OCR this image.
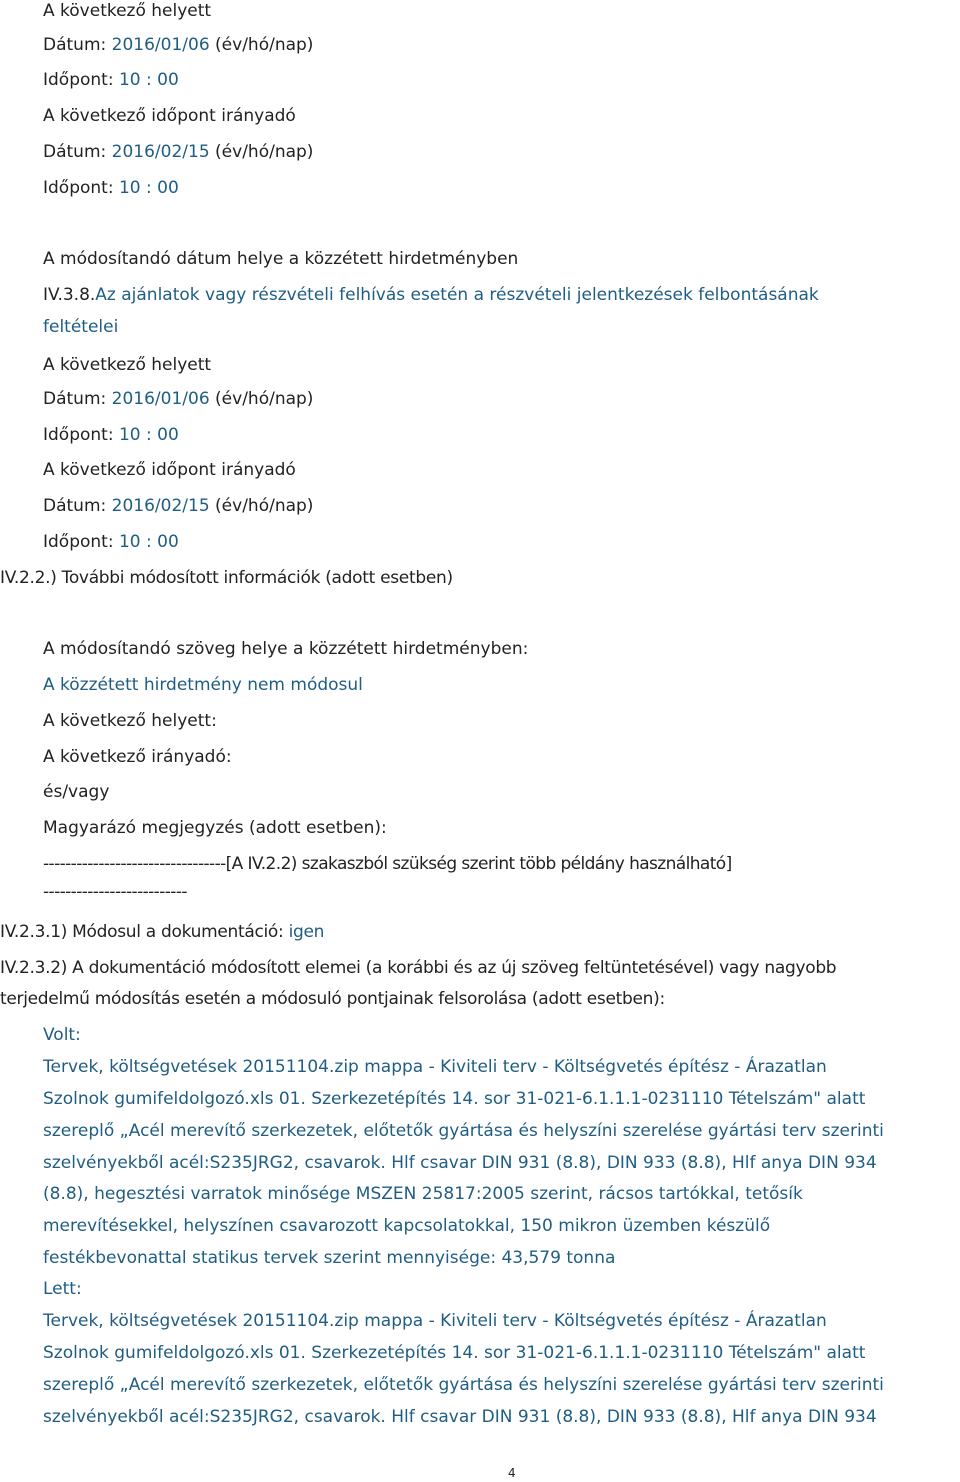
A következő helyett
Dátum: 2016/01/06 (év/hó/nap)
Időpont: 10 : 00
A következő időpont irányadó
Dátum: 2016/02/15 (év/hó/nap)
Időpont: 10 : 00
A módosítandó dátum helye a közzétett hirdetményben
IV.3.8.Az ajánlatok vagy részvételi felhívás esetén a részvételi jelentkezések felbontásának
feltételei
A következő helyett
Dátum: 2016/01/06 (év/hó/nap)
Időpont: 10 : 00
A következő időpont irányadó
Dátum: 2016/02/15 (év/hó/nap)
Időpont: 10 : 00
IV.2.2.) További módosított információk (adott esetben)
A módosítandó szöveg helye a közzétett hirdetményben:
A közzétett hirdetmény nem módosul
A következő helyett:
A következő irányadó:
és/vagy
Magyarázó megjegyzés (adott esetben):
---------------------------------[A IV.2.2) szakaszból szükség szerint több példány használható]
--------------------------
IV.2.3.1) Módosul a dokumentáció: igen
IV.2.3.2) A dokumentáció módosított elemei (a korábbi és az új szöveg feltüntetésével) vagy nagyobb
terjedelmű módosítás esetén a módosuló pontjainak felsorolása (adott esetben):
Volt:
Tervek, költségvetések 20151104.zip mappa - Kiviteli terv - Költségvetés építész - Árazatlan
Szolnok gumifeldolgozó.xls 01. Szerkezetépítés 14. sor 31-021-6.1.1.1-0231110 Tételszám" alatt
szereplő „Acél merevítő szerkezetek, előtetők gyártása és helyszíni szerelése gyártási terv szerinti
szelvényekből acél:S235JRG2, csavarok. Hlf csavar DIN 931 (8.8), DIN 933 (8.8), Hlf anya DIN 934
(8.8), hegesztési varratok minősége MSZEN 25817:2005 szerint, rácsos tartókkal, tetősík
merevítésekkel, helyszínen csavarozott kapcsolatokkal, 150 mikron üzemben készülő
festékbevonattal statikus tervek szerint mennyisége: 43,579 tonna
Lett:
Tervek, költségvetések 20151104.zip mappa - Kiviteli terv - Költségvetés építész - Árazatlan
Szolnok gumifeldolgozó.xls 01. Szerkezetépítés 14. sor 31-021-6.1.1.1-0231110 Tételszám" alatt
szereplő „Acél merevítő szerkezetek, előtetők gyártása és helyszíni szerelése gyártási terv szerinti
szelvényekből acél:S235JRG2, csavarok. Hlf csavar DIN 931 (8.8), DIN 933 (8.8), Hlf anya DIN 934
4
